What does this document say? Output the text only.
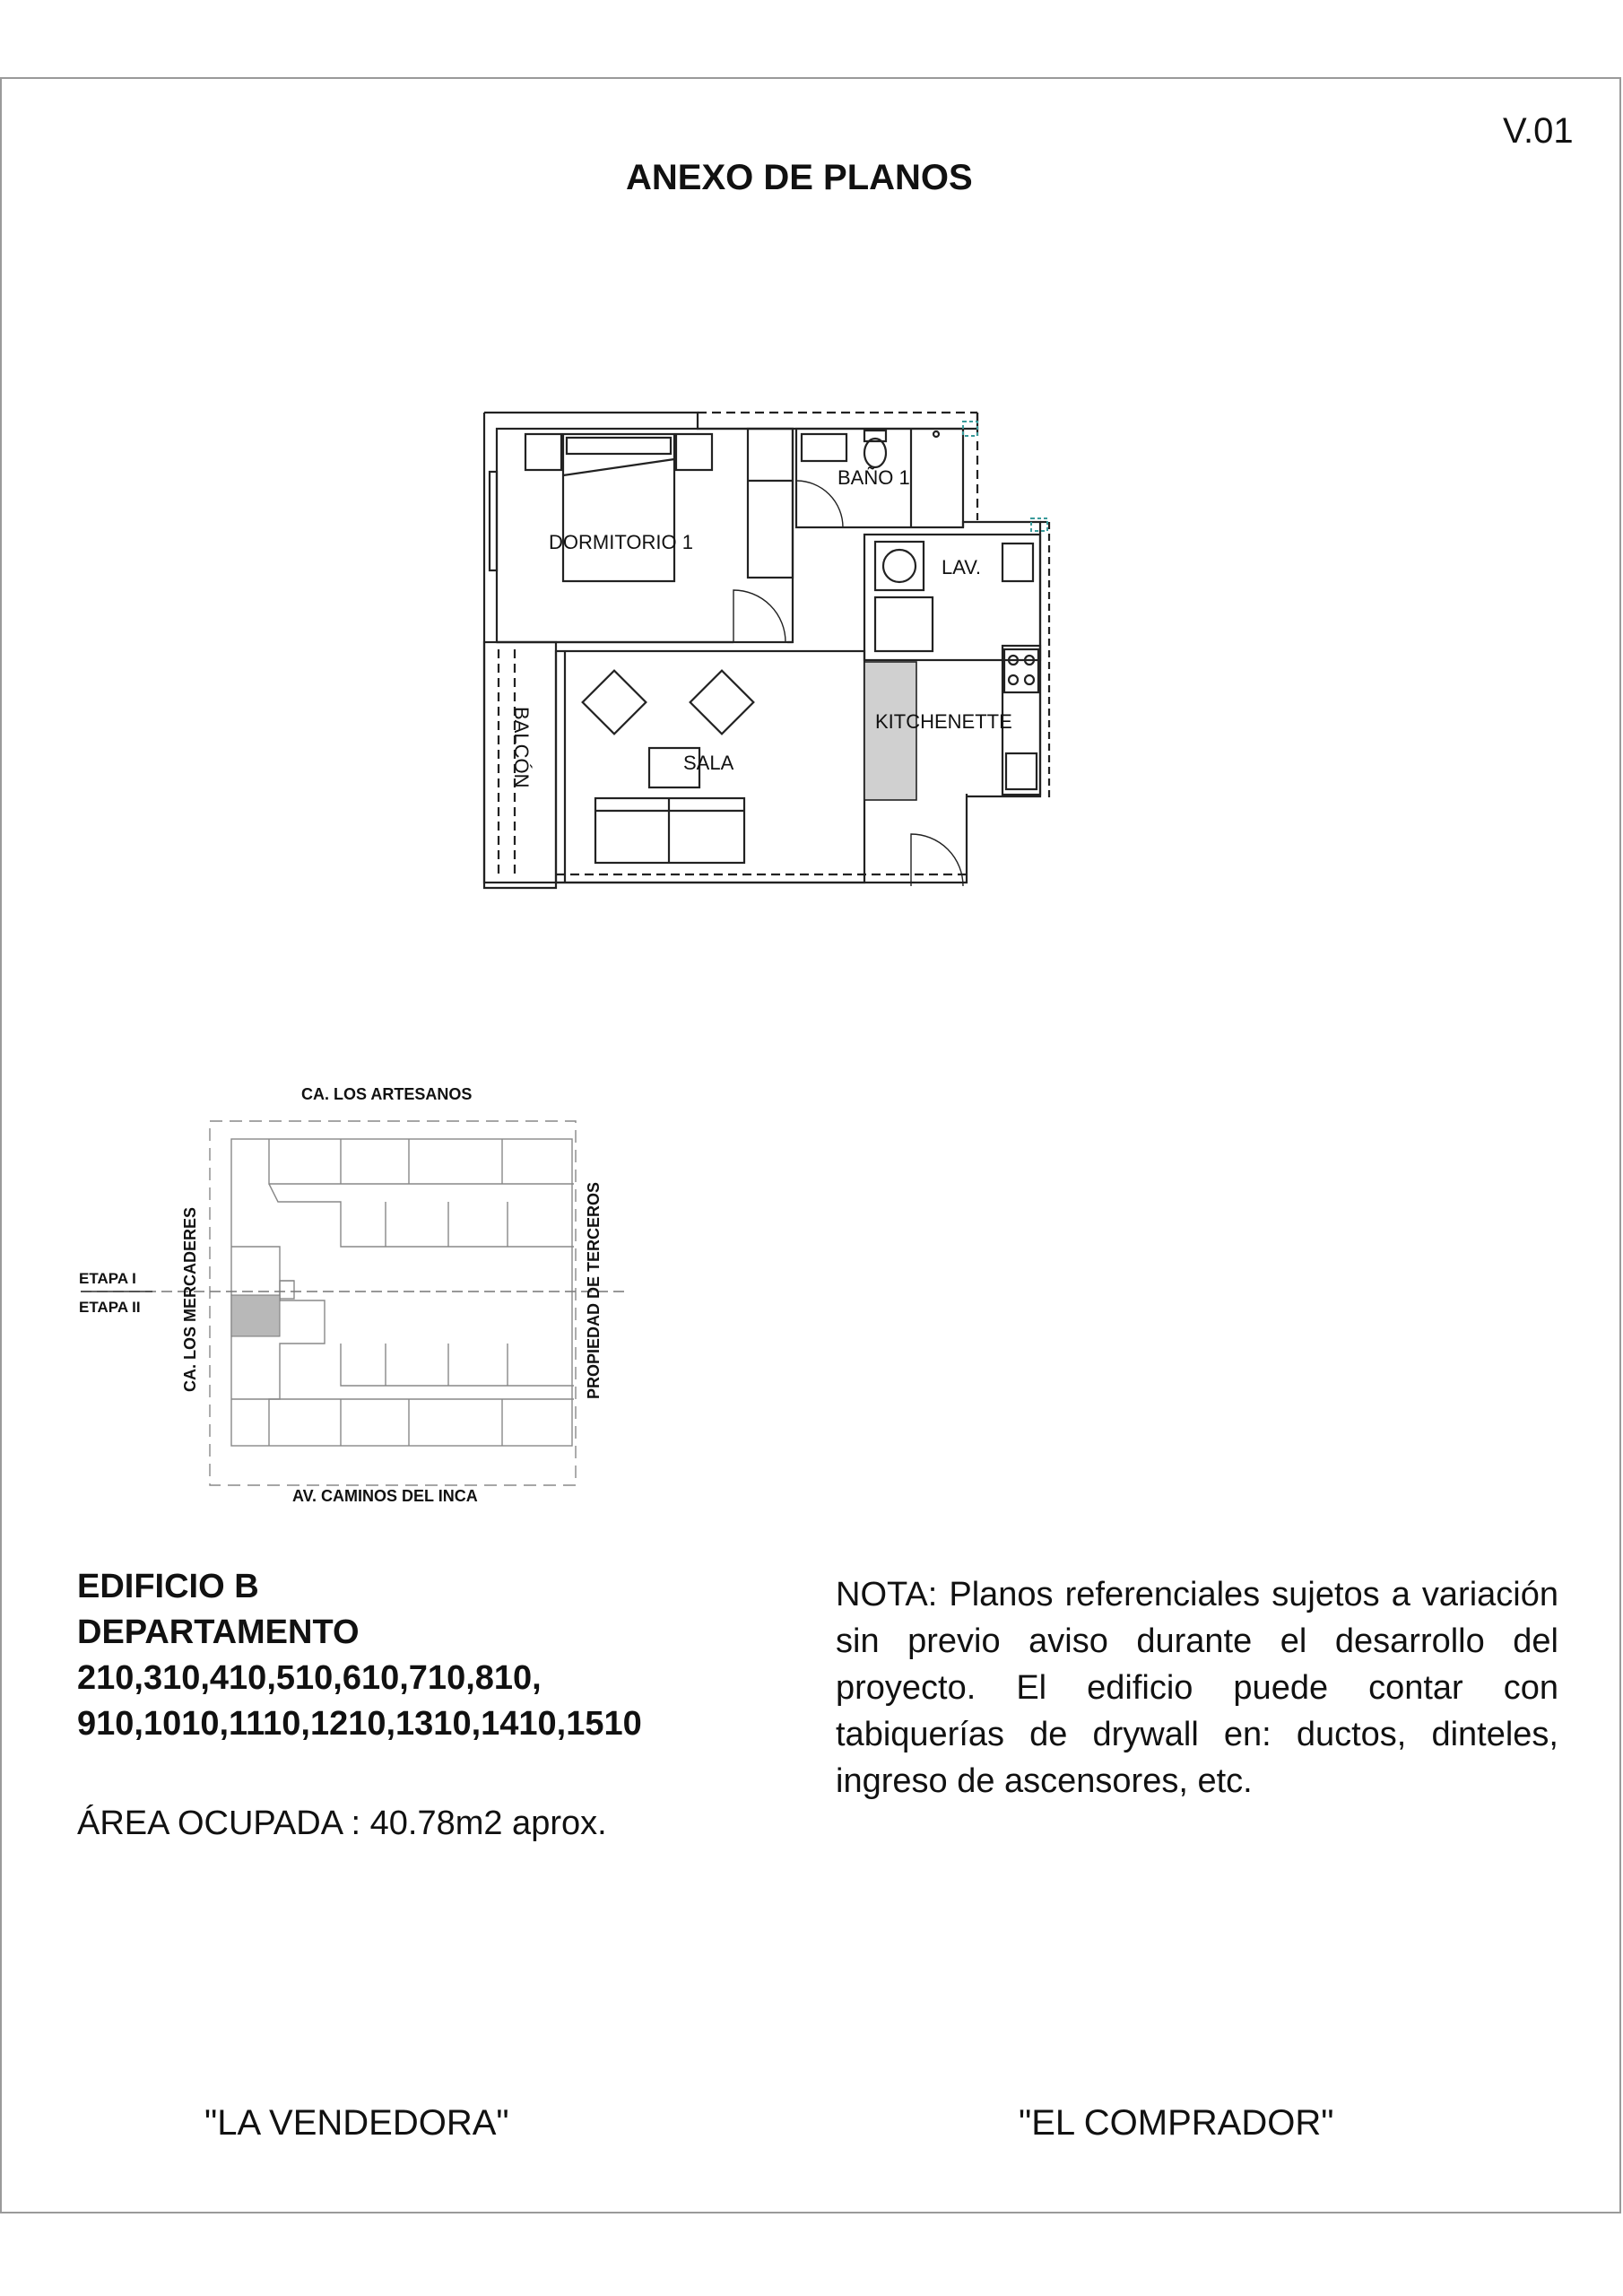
V.01
ANEXO DE PLANOS
DORMITORIO 1
BAÑO 1
LAV.
KITCHENETTE
SALA
BALCÓN
CA. LOS ARTESANOS
AV. CAMINOS DEL INCA
CA. LOS MERCADERES	PROPIEDAD DE TERCEROS
ETAPA I
ETAPA II
EDIFICIO B
DEPARTAMENTO
210,310,410,510,610,710,810,
910,1010,1110,1210,1310,1410,1510
ÁREA OCUPADA : 40.78m2 aprox.
NOTA: Planos referenciales sujetos a variación sin previo aviso durante el desarrollo del proyecto. El edificio puede contar con tabiquerías de drywall en: ductos, dinteles, ingreso de ascensores, etc.
"LA VENDEDORA"	"EL COMPRADOR"
